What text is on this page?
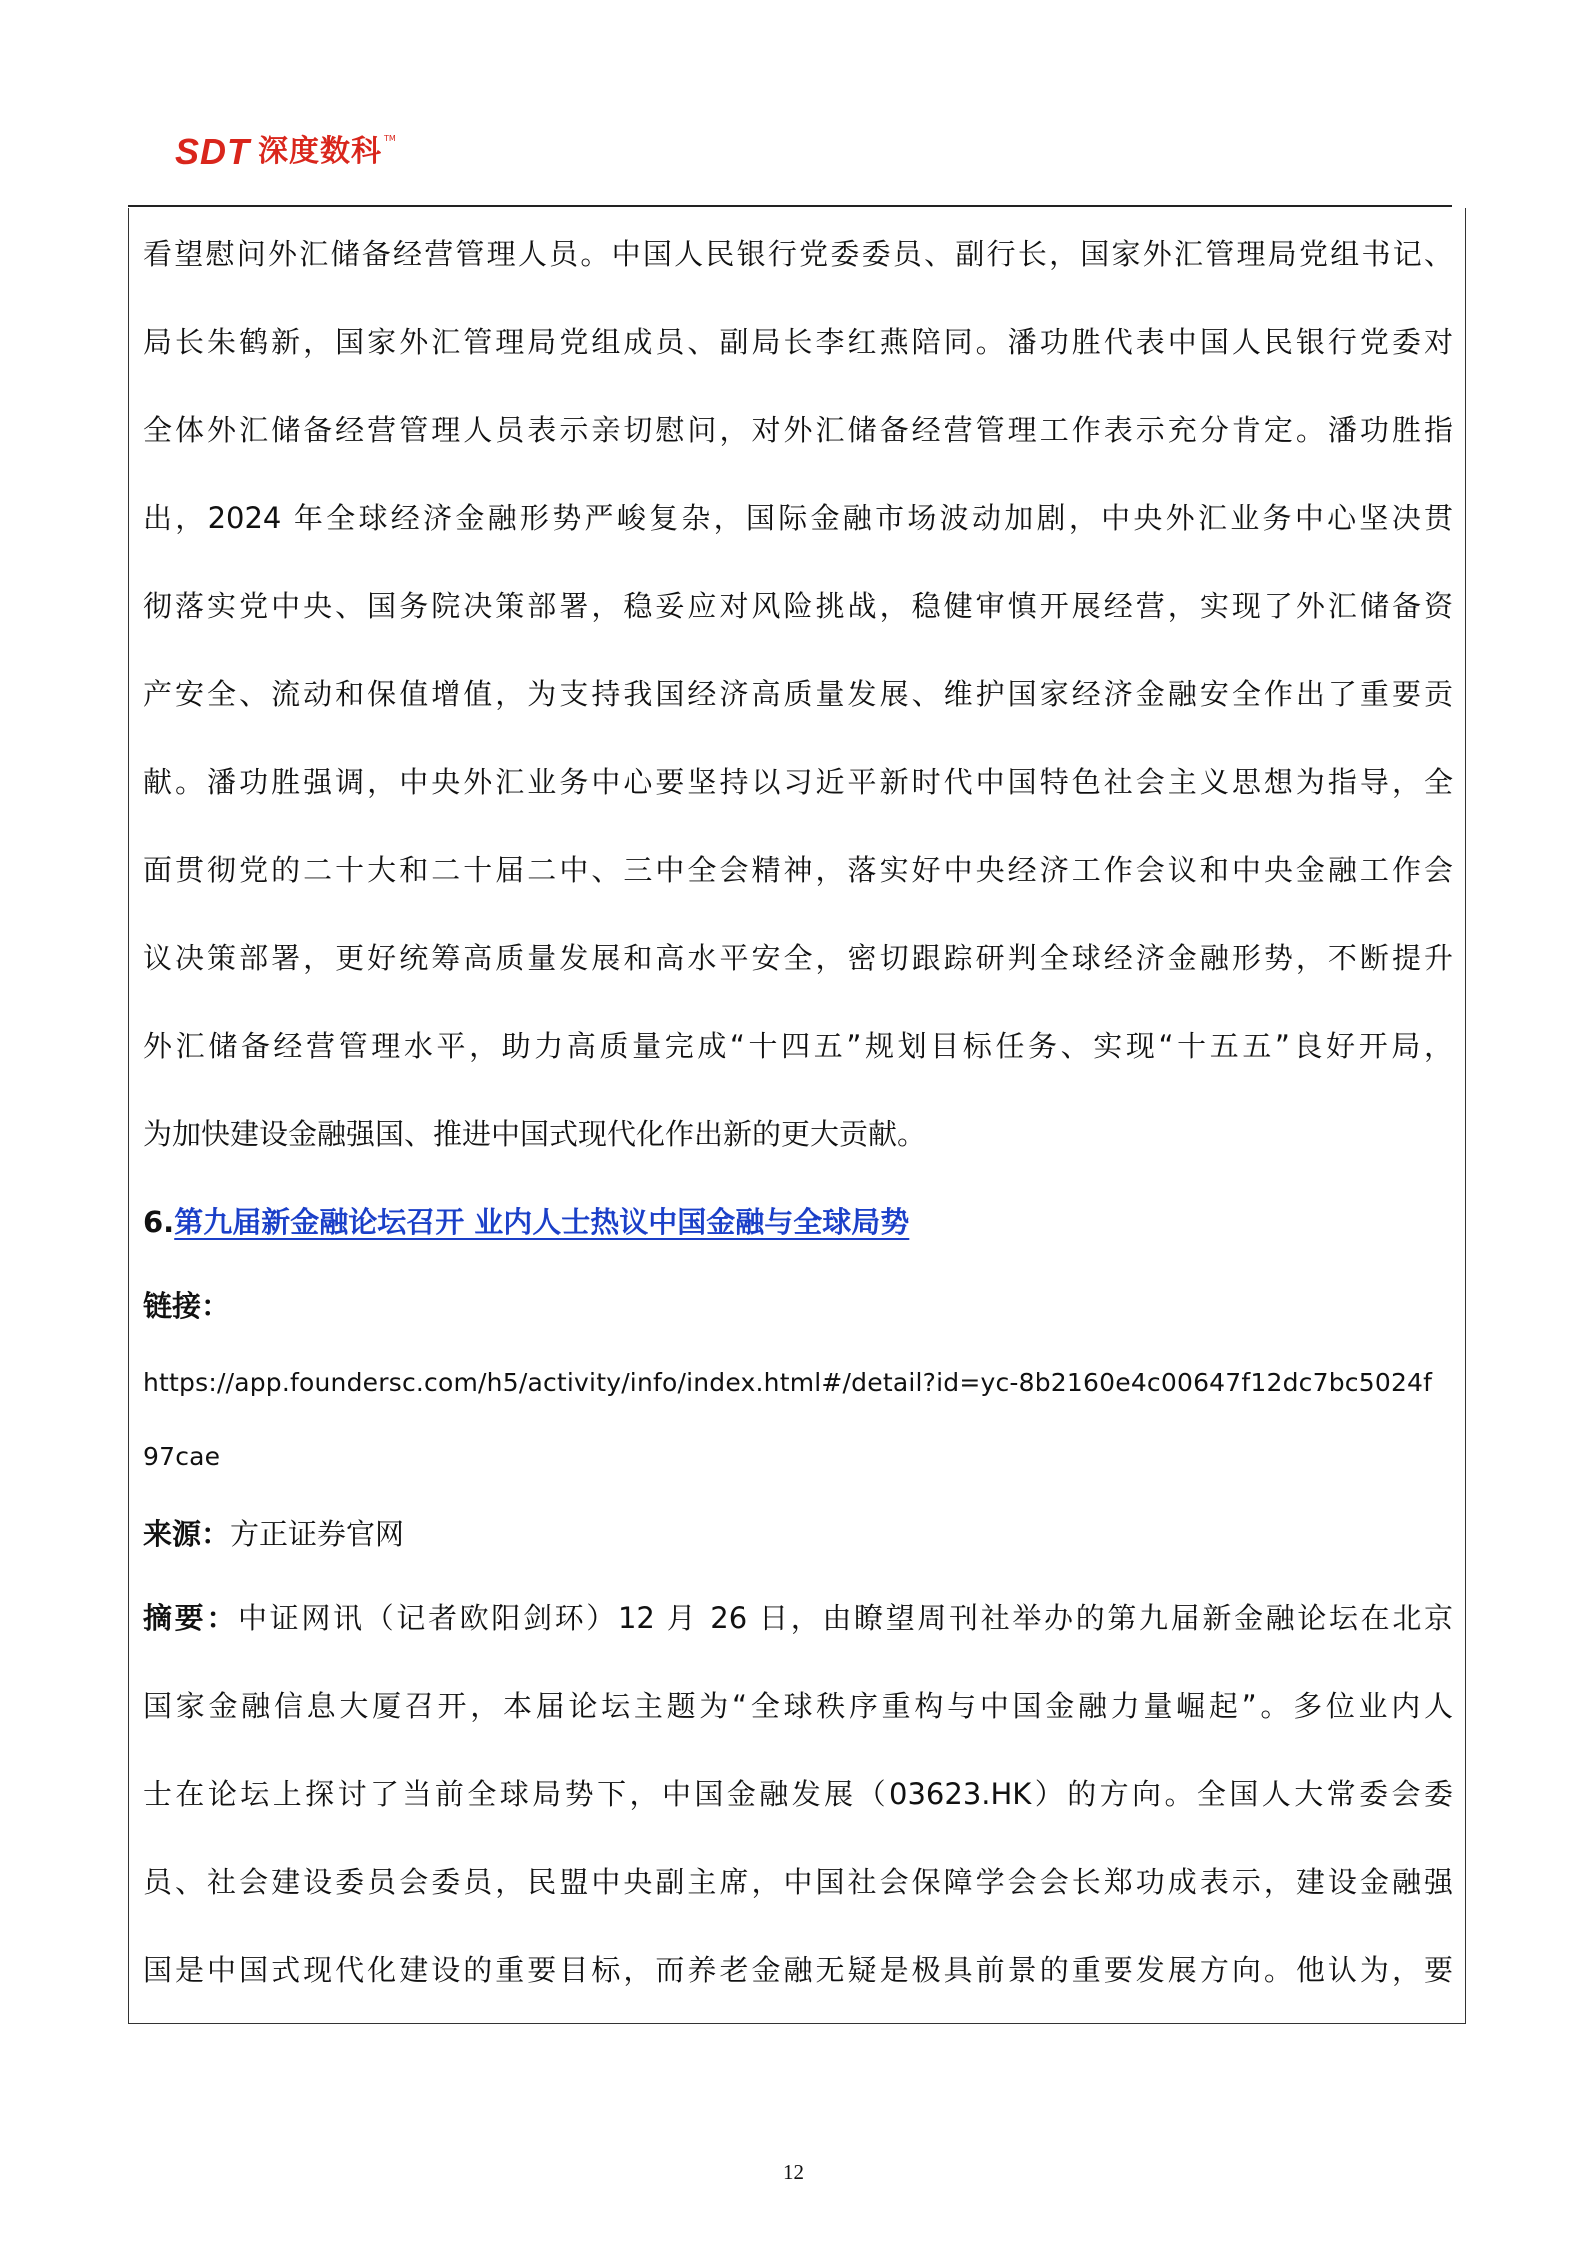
SDT 深度数科 TM
看望慰问外汇储备经营管理人员。中国人民银行党委委员、副行长，国家外汇管理局党组书记、
局长朱鹤新，国家外汇管理局党组成员、副局长李红燕陪同。潘功胜代表中国人民银行党委对
全体外汇储备经营管理人员表示亲切慰问，对外汇储备经营管理工作表示充分肯定。潘功胜指
出，2024 年全球经济金融形势严峻复杂，国际金融市场波动加剧，中央外汇业务中心坚决贯
彻落实党中央、国务院决策部署，稳妥应对风险挑战，稳健审慎开展经营，实现了外汇储备资
产安全、流动和保值增值，为支持我国经济高质量发展、维护国家经济金融安全作出了重要贡
献。潘功胜强调，中央外汇业务中心要坚持以习近平新时代中国特色社会主义思想为指导，全
面贯彻党的二十大和二十届二中、三中全会精神，落实好中央经济工作会议和中央金融工作会
议决策部署，更好统筹高质量发展和高水平安全，密切跟踪研判全球经济金融形势，不断提升
外汇储备经营管理水平，助力高质量完成“十四五”规划目标任务、实现“十五五”良好开局，
为加快建设金融强国、推进中国式现代化作出新的更大贡献。
6.第九届新金融论坛召开 业内人士热议中国金融与全球局势
链接：
https://app.foundersc.com/h5/activity/info/index.html#/detail?id=yc-8b2160e4c00647f12dc7bc5024f
97cae
来源：方正证券官网
摘要：中证网讯（记者欧阳剑环）12 月 26 日，由瞭望周刊社举办的第九届新金融论坛在北京
国家金融信息大厦召开，本届论坛主题为“全球秩序重构与中国金融力量崛起”。多位业内人
士在论坛上探讨了当前全球局势下，中国金融发展（03623.HK）的方向。全国人大常委会委
员、社会建设委员会委员，民盟中央副主席，中国社会保障学会会长郑功成表示，建设金融强
国是中国式现代化建设的重要目标，而养老金融无疑是极具前景的重要发展方向。他认为，要
12
